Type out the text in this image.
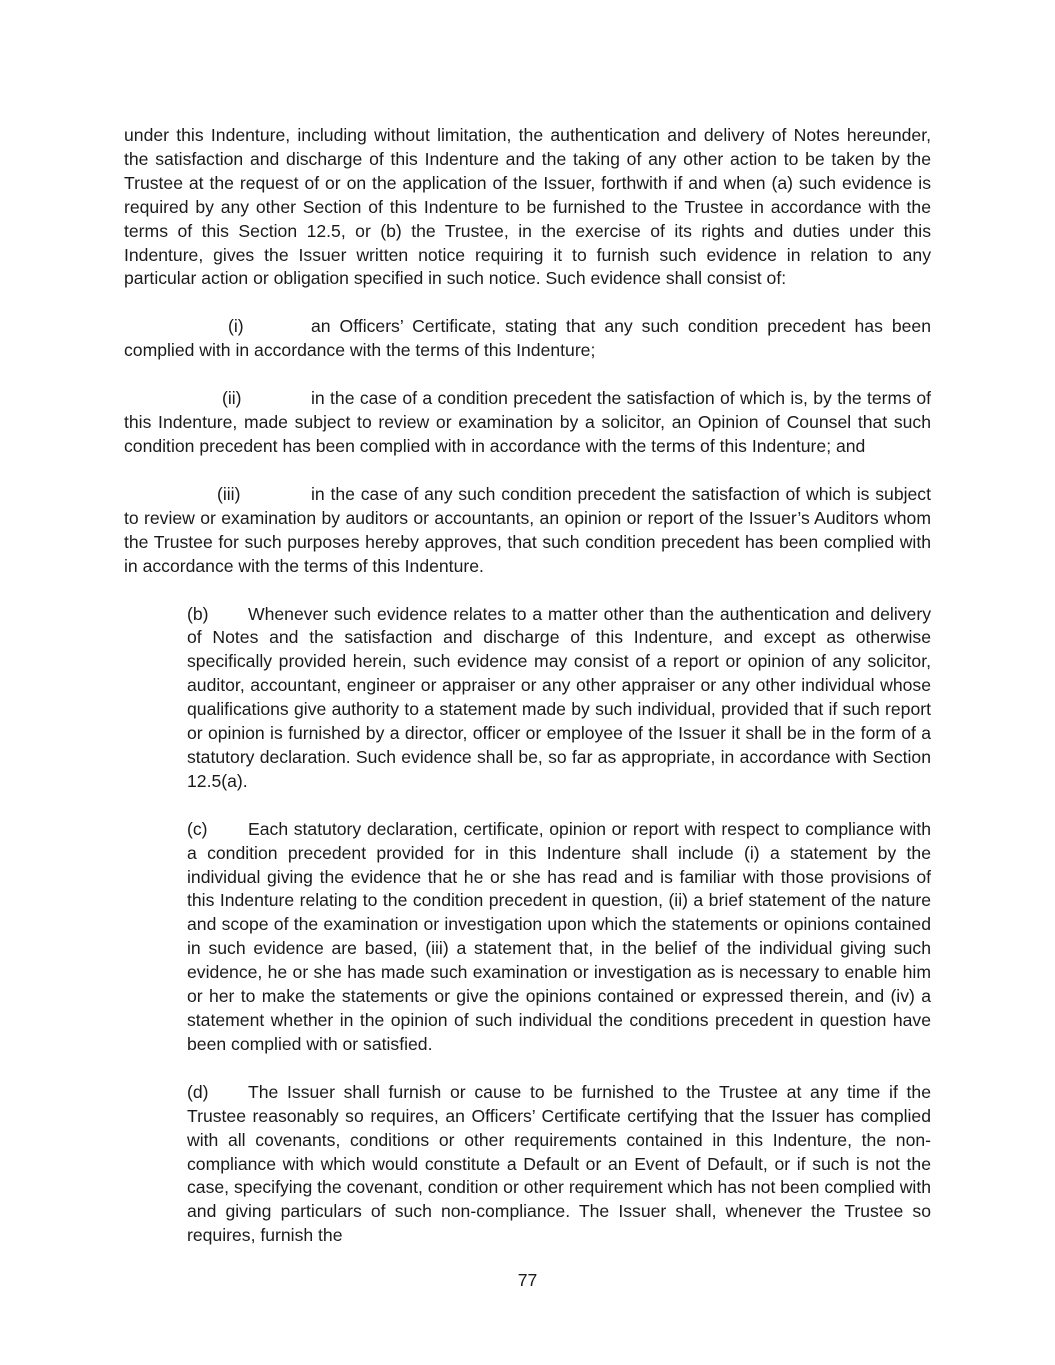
under this Indenture, including without limitation, the authentication and delivery of Notes hereunder, the satisfaction and discharge of this Indenture and the taking of any other action to be taken by the Trustee at the request of or on the application of the Issuer, forthwith if and when (a) such evidence is required by any other Section of this Indenture to be furnished to the Trustee in accordance with the terms of this Section 12.5, or (b) the Trustee, in the exercise of its rights and duties under this Indenture, gives the Issuer written notice requiring it to furnish such evidence in relation to any particular action or obligation specified in such notice. Such evidence shall consist of:

(i)	an Officers’ Certificate, stating that any such condition precedent has been complied with in accordance with the terms of this Indenture;

(ii)	in the case of a condition precedent the satisfaction of which is, by the terms of this Indenture, made subject to review or examination by a solicitor, an Opinion of Counsel that such condition precedent has been complied with in accordance with the terms of this Indenture; and

(iii)	in the case of any such condition precedent the satisfaction of which is subject to review or examination by auditors or accountants, an opinion or report of the Issuer’s Auditors whom the Trustee for such purposes hereby approves, that such condition precedent has been complied with in accordance with the terms of this Indenture.

(b) Whenever such evidence relates to a matter other than the authentication and delivery of Notes and the satisfaction and discharge of this Indenture, and except as otherwise specifically provided herein, such evidence may consist of a report or opinion of any solicitor, auditor, accountant, engineer or appraiser or any other appraiser or any other individual whose qualifications give authority to a statement made by such individual, provided that if such report or opinion is furnished by a director, officer or employee of the Issuer it shall be in the form of a statutory declaration. Such evidence shall be, so far as appropriate, in accordance with Section 12.5(a).

(c) Each statutory declaration, certificate, opinion or report with respect to compliance with a condition precedent provided for in this Indenture shall include (i) a statement by the individual giving the evidence that he or she has read and is familiar with those provisions of this Indenture relating to the condition precedent in question, (ii) a brief statement of the nature and scope of the examination or investigation upon which the statements or opinions contained in such evidence are based, (iii) a statement that, in the belief of the individual giving such evidence, he or she has made such examination or investigation as is necessary to enable him or her to make the statements or give the opinions contained or expressed therein, and (iv) a statement whether in the opinion of such individual the conditions precedent in question have been complied with or satisfied.

(d) The Issuer shall furnish or cause to be furnished to the Trustee at any time if the Trustee reasonably so requires, an Officers’ Certificate certifying that the Issuer has complied with all covenants, conditions or other requirements contained in this Indenture, the non-compliance with which would constitute a Default or an Event of Default, or if such is not the case, specifying the covenant, condition or other requirement which has not been complied with and giving particulars of such non-compliance. The Issuer shall, whenever the Trustee so requires, furnish the

77
